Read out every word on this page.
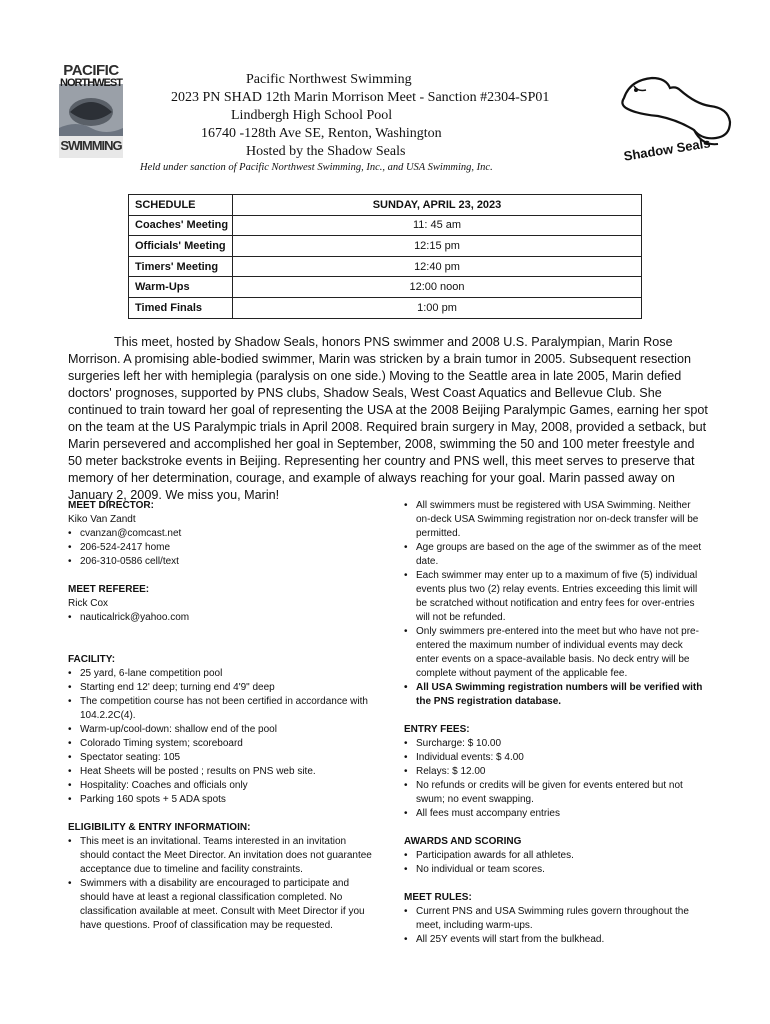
PACIFIC
NORTHWEST
SWIMMING
Pacific Northwest Swimming
2023 PN SHAD 12th Marin Morrison Meet - Sanction #2304-SP01
Lindbergh High School Pool
16740 -128th Ave SE, Renton, Washington
Hosted by the Shadow Seals
Held under sanction of Pacific Northwest Swimming, Inc., and USA Swimming, Inc.
Shadow Seals
SCHEDULE	SUNDAY, APRIL 23, 2023
Coaches' Meeting	11: 45 am
Officials' Meeting	12:15 pm
Timers' Meeting	12:40 pm
Warm-Ups	12:00 noon
Timed Finals	1:00 pm

This meet, hosted by Shadow Seals, honors PNS swimmer and 2008 U.S. Paralympian, Marin Rose Morrison. A promising able-bodied swimmer, Marin was stricken by a brain tumor in 2005. Subsequent resection surgeries left her with hemiplegia (paralysis on one side.) Moving to the Seattle area in late 2005, Marin defied doctors' prognoses, supported by PNS clubs, Shadow Seals, West Coast Aquatics and Bellevue Club. She continued to train toward her goal of representing the USA at the 2008 Beijing Paralympic Games, earning her spot on the team at the US Paralympic trials in April 2008. Required brain surgery in May, 2008, provided a setback, but Marin persevered and accomplished her goal in September, 2008, swimming the 50 and 100 meter freestyle and 50 meter backstroke events in Beijing. Representing her country and PNS well, this meet serves to preserve that memory of her determination, courage, and example of always reaching for your goal. Marin passed away on January 2, 2009. We miss you, Marin!

MEET DIRECTOR:
Kiko Van Zandt
• cvanzan@comcast.net
• 206-524-2417 home
• 206-310-0586 cell/text
MEET REFEREE:
Rick Cox
• nauticalrick@yahoo.com
FACILITY:
• 25 yard, 6-lane competition pool
• Starting end 12' deep; turning end 4'9" deep
• The competition course has not been certified in accordance with 104.2.2C(4).
• Warm-up/cool-down: shallow end of the pool
• Colorado Timing system; scoreboard
• Spectator seating: 105
• Heat Sheets will be posted ; results on PNS web site.
• Hospitality: Coaches and officials only
• Parking 160 spots + 5 ADA spots
ELIGIBILITY & ENTRY INFORMATIOIN:
• This meet is an invitational. Teams interested in an invitation should contact the Meet Director. An invitation does not guarantee acceptance due to timeline and facility constraints.
• Swimmers with a disability are encouraged to participate and should have at least a regional classification completed. No classification available at meet. Consult with Meet Director if you have questions. Proof of classification may be requested.
• All swimmers must be registered with USA Swimming. Neither on-deck USA Swimming registration nor on-deck transfer will be permitted.
• Age groups are based on the age of the swimmer as of the meet date.
• Each swimmer may enter up to a maximum of five (5) individual events plus two (2) relay events. Entries exceeding this limit will be scratched without notification and entry fees for over-entries will not be refunded.
• Only swimmers pre-entered into the meet but who have not pre-entered the maximum number of individual events may deck enter events on a space-available basis. No deck entry will be complete without payment of the applicable fee.
• All USA Swimming registration numbers will be verified with the PNS registration database.
ENTRY FEES:
• Surcharge: $ 10.00
• Individual events: $ 4.00
• Relays: $ 12.00
• No refunds or credits will be given for events entered but not swum; no event swapping.
• All fees must accompany entries
AWARDS AND SCORING
• Participation awards for all athletes.
• No individual or team scores.
MEET RULES:
• Current PNS and USA Swimming rules govern throughout the meet, including warm-ups.
• All 25Y events will start from the bulkhead.
